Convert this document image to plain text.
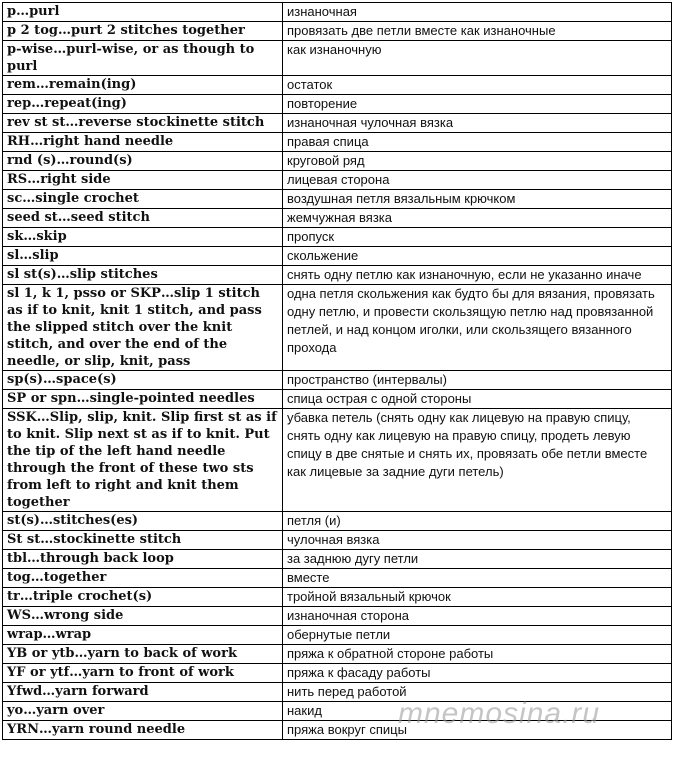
p…purl	изнаночная
p 2 tog…purt 2 stitches together	провязать две петли вместе как изнаночные
p-wise…purl-wise, or as though to purl	как изнаночную
rem…remain(ing)	остаток
rep…repeat(ing)	повторение
rev st st…reverse stockinette stitch	изнаночная чулочная вязка
RH…right hand needle	правая спица
rnd (s)…round(s)	круговой ряд
RS…right side	лицевая сторона
sc…single crochet	воздушная петля вязальным крючком
seed st…seed stitch	жемчужная вязка
sk…skip	пропуск
sl…slip	скольжение
sl st(s)…slip stitches	снять одну петлю как изнаночную, если не указанно иначе
sl 1, k 1, psso or SKP…slip 1 stitch as if to knit, knit 1 stitch, and pass the slipped stitch over the knit stitch, and over the end of the needle, or slip, knit, pass	одна петля скольжения как будто бы для вязания, провязать одну петлю, и провести скользящую петлю над провязанной петлей, и над концом иголки, или скользящего вязанного прохода
sp(s)…space(s)	пространство (интервалы)
SP or spn…single-pointed needles	спица острая с одной стороны
SSK…Slip, slip, knit. Slip first st as if to knit. Slip next st as if to knit. Put the tip of the left hand needle through the front of these two sts from left to right and knit them together	убавка петель (снять одну как лицевую на правую спицу, снять одну как лицевую на правую спицу, продеть левую спицу в две снятые и снять их, провязать обе петли вместе как лицевые за задние дуги петель)
st(s)…stitches(es)	петля (и)
St st…stockinette stitch	чулочная вязка
tbl…through back loop	за заднюю дугу петли
tog…together	вместе
tr…triple crochet(s)	тройной вязальный крючок
WS…wrong side	изнаночная сторона
wrap…wrap	обернутые петли
YB or ytb…yarn to back of work	пряжа к обратной стороне работы
YF or ytf…yarn to front of work	пряжа к фасаду работы
Yfwd…yarn forward	нить перед работой
yo…yarn over	накид
YRN…yarn round needle	пряжа вокруг спицы
mnemosina.ru
